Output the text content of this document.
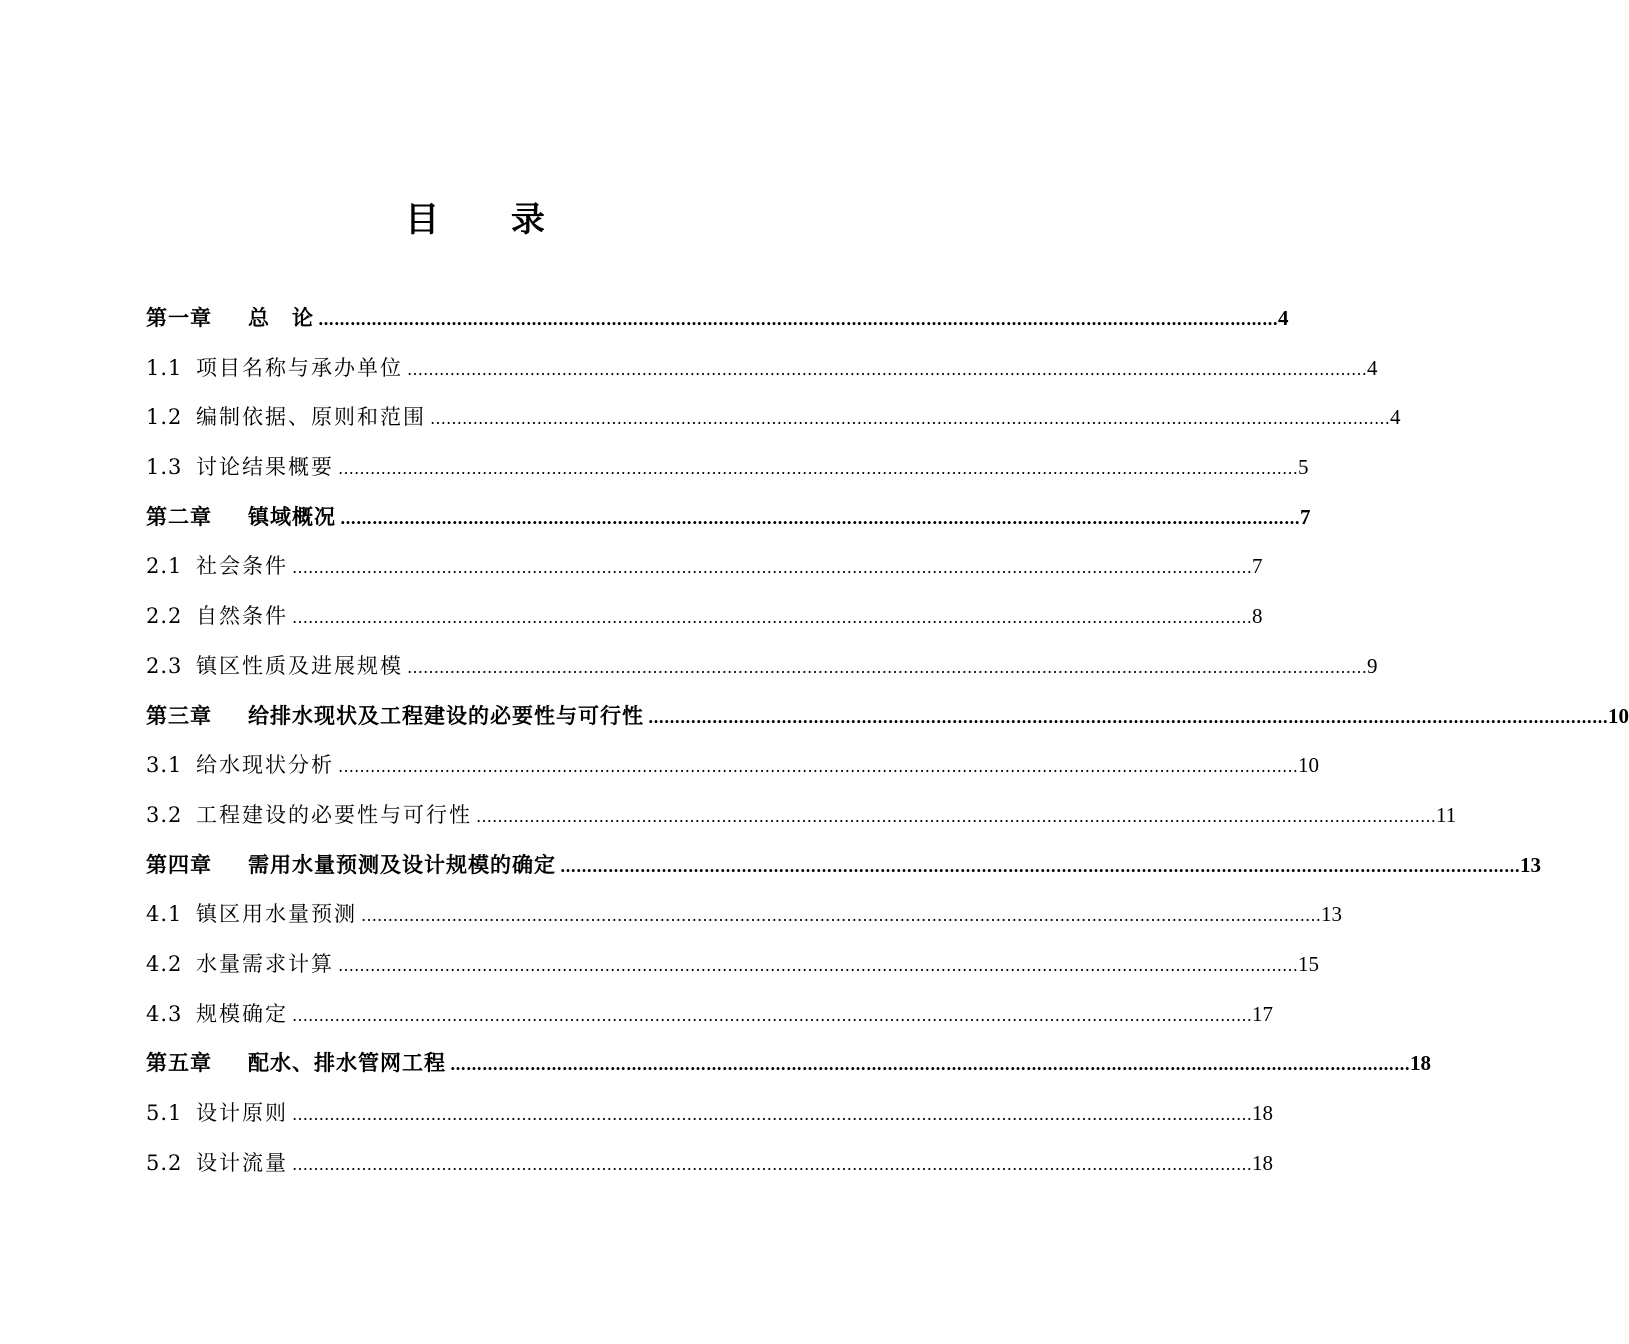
目 录
第一章	总　论 ……………………………………………………………………………………………………………………………………………………………… 4
1.1 项目名称与承办单位 ……………………………………………………………………………………………………………………………………………………………… 4
1.2 编制依据、原则和范围 ……………………………………………………………………………………………………………………………………………………………… 4
1.3 讨论结果概要 ……………………………………………………………………………………………………………………………………………………………… 5
第二章	镇域概况 ……………………………………………………………………………………………………………………………………………………………… 7
2.1 社会条件 ……………………………………………………………………………………………………………………………………………………………… 7
2.2 自然条件 ……………………………………………………………………………………………………………………………………………………………… 8
2.3 镇区性质及进展规模 ……………………………………………………………………………………………………………………………………………………………… 9
第三章	给排水现状及工程建设的必要性与可行性 ……………………………………………………………………………………………………………………………………………………………… 10
3.1 给水现状分析 ……………………………………………………………………………………………………………………………………………………………… 10
3.2 工程建设的必要性与可行性 ……………………………………………………………………………………………………………………………………………………………… 11
第四章	需用水量预测及设计规模的确定 ……………………………………………………………………………………………………………………………………………………………… 13
4.1 镇区用水量预测 ……………………………………………………………………………………………………………………………………………………………… 13
4.2 水量需求计算 ……………………………………………………………………………………………………………………………………………………………… 15
4.3 规模确定 ……………………………………………………………………………………………………………………………………………………………… 17
第五章	配水、排水管网工程 ……………………………………………………………………………………………………………………………………………………………… 18
5.1 设计原则 ……………………………………………………………………………………………………………………………………………………………… 18
5.2 设计流量 ……………………………………………………………………………………………………………………………………………………………… 18
